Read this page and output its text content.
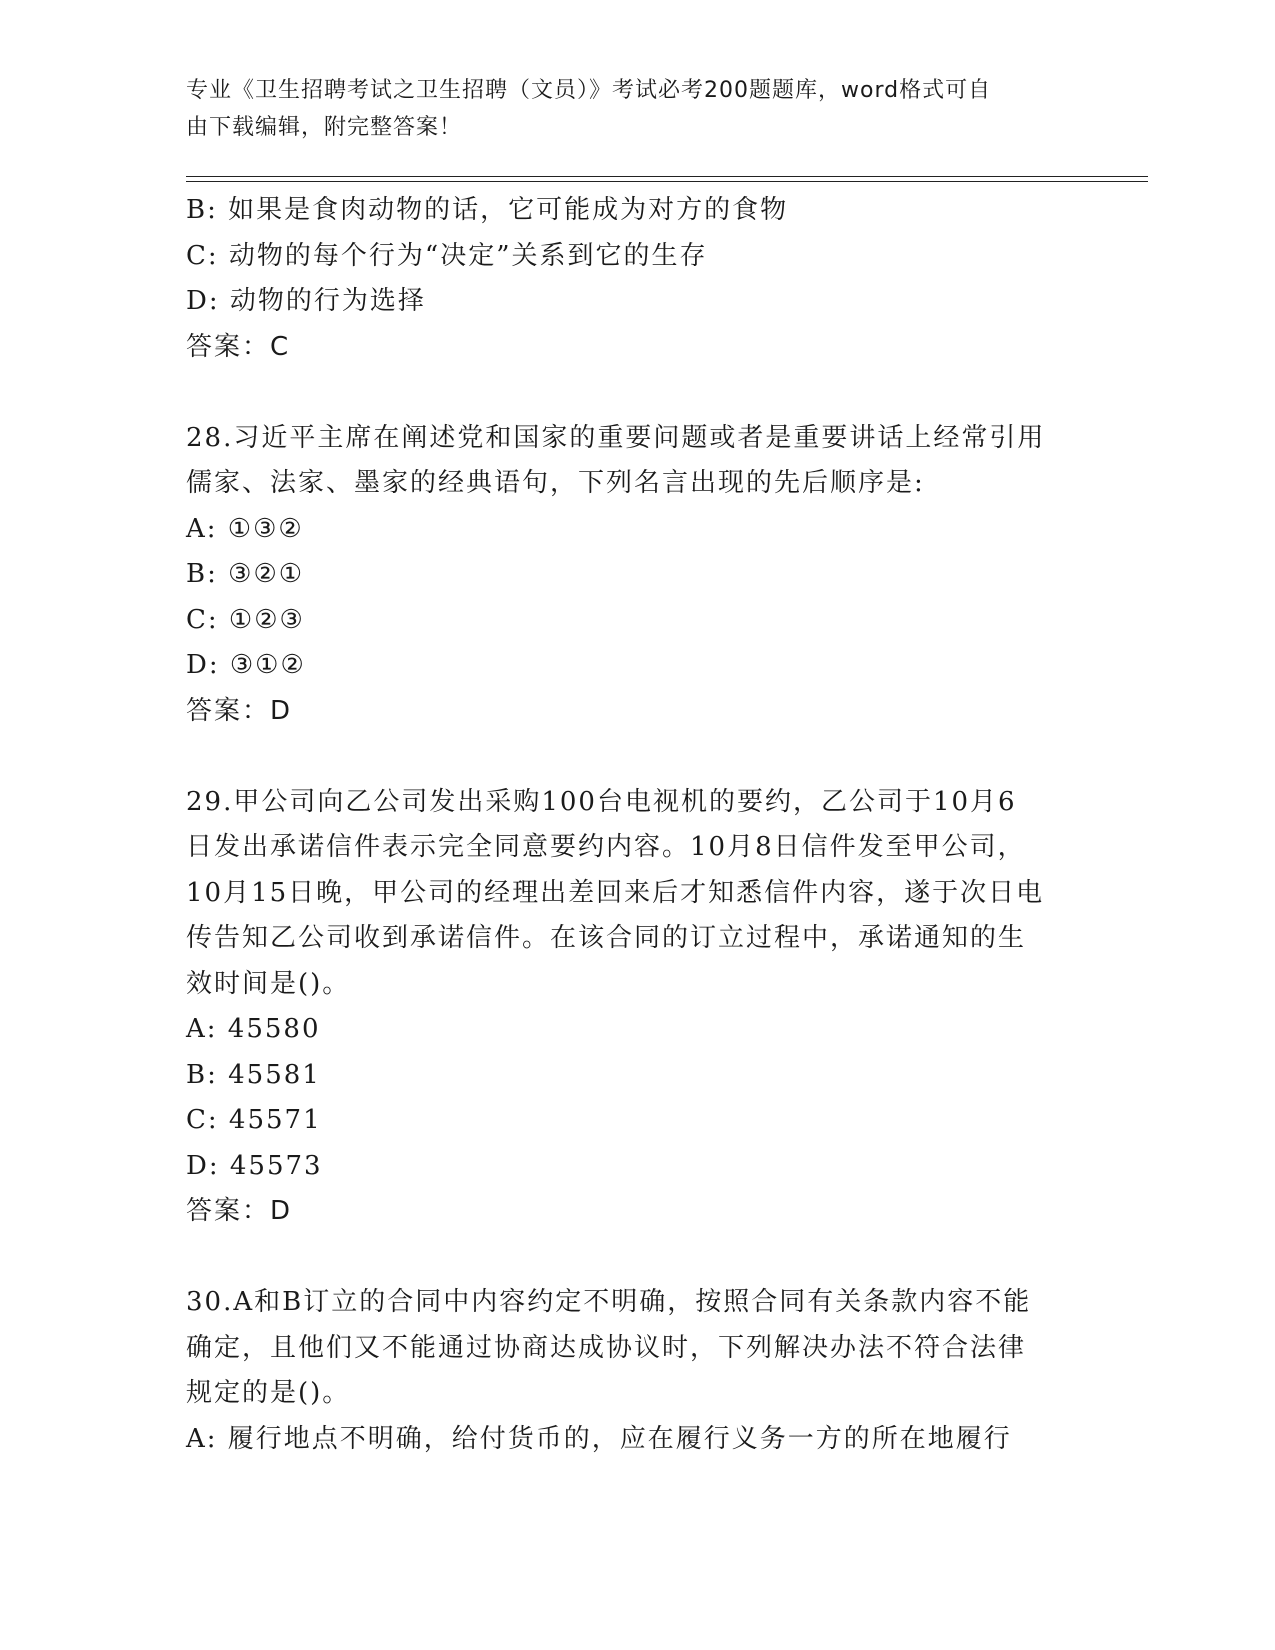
专业《卫生招聘考试之卫生招聘（文员）》考试必考200题题库，word格式可自
由下载编辑，附完整答案！
B: 如果是食肉动物的话，它可能成为对方的食物
C: 动物的每个行为“决定”关系到它的生存
D: 动物的行为选择
答案：C
28.习近平主席在阐述党和国家的重要问题或者是重要讲话上经常引用
儒家、法家、墨家的经典语句，下列名言出现的先后顺序是:
A: ①③②
B: ③②①
C: ①②③
D: ③①②
答案：D
29.甲公司向乙公司发出采购100台电视机的要约，乙公司于10月6
日发出承诺信件表示完全同意要约内容。10月8日信件发至甲公司，
10月15日晚，甲公司的经理出差回来后才知悉信件内容，遂于次日电
传告知乙公司收到承诺信件。在该合同的订立过程中，承诺通知的生
效时间是()。
A: 45580
B: 45581
C: 45571
D: 45573
答案：D
30.A和B订立的合同中内容约定不明确，按照合同有关条款内容不能
确定，且他们又不能通过协商达成协议时，下列解决办法不符合法律
规定的是()。
A: 履行地点不明确，给付货币的，应在履行义务一方的所在地履行
